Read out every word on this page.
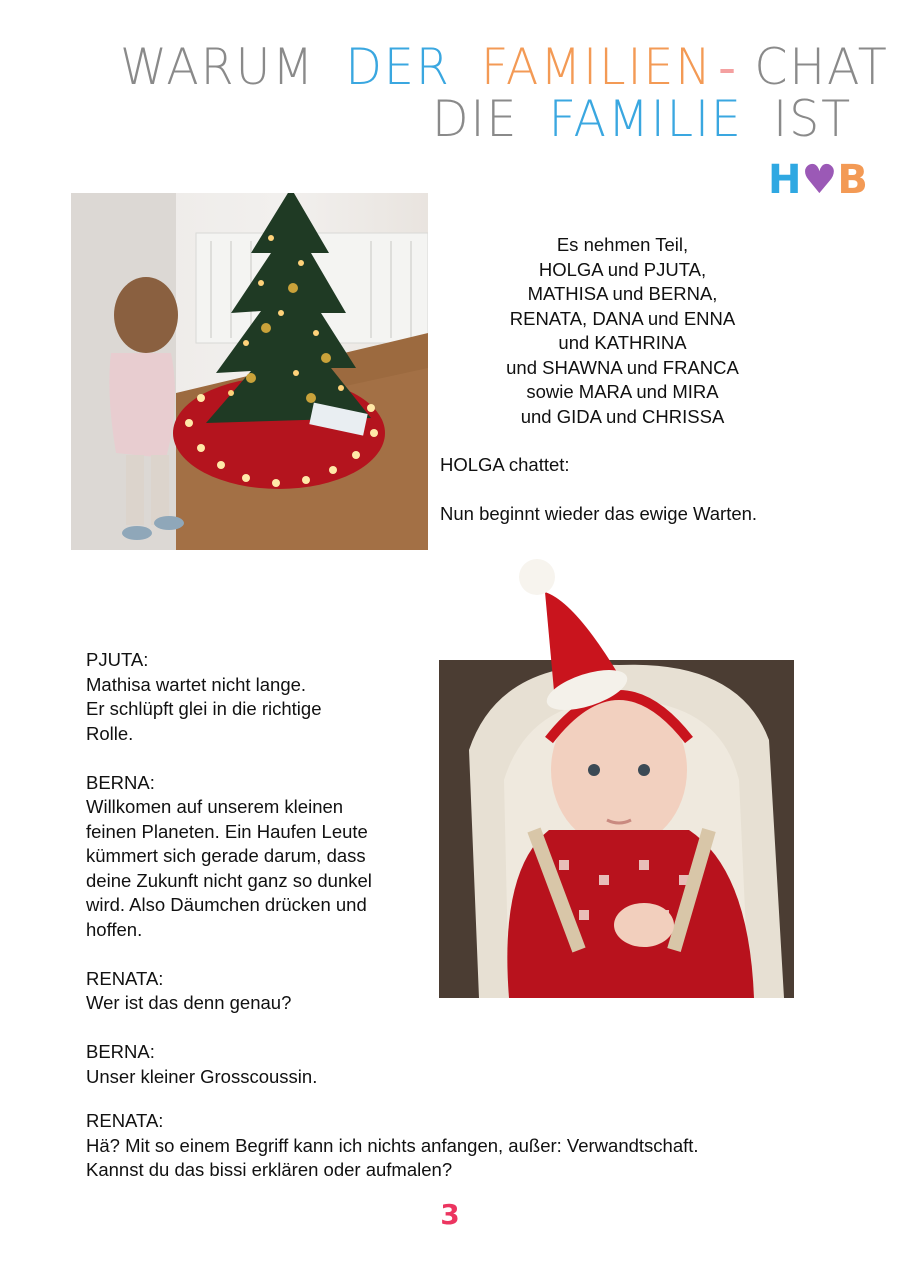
WARUM DER FAMILIEN CHAT
DIE FAMILIE IST
H♥B
Es nehmen Teil,
HOLGA und PJUTA,
MATHISA und BERNA,
RENATA, DANA und ENNA
und KATHRINA
und SHAWNA und FRANCA
sowie MARA und MIRA
und GIDA und CHRISSA

HOLGA chattet:

Nun beginnt wieder das ewige Warten.

PJUTA:
Mathisa wartet nicht lange.
Er schlüpft glei in die richtige
Rolle.

BERNA:
Willkomen auf unserem kleinen
feinen Planeten. Ein Haufen Leute
kümmert sich gerade darum, dass
deine Zukunft nicht ganz so dunkel
wird. Also Däumchen drücken und
hoffen.

RENATA:
Wer ist das denn genau?

BERNA:
Unser kleiner Grosscoussin.

RENATA:
Hä? Mit so einem Begriff kann ich nichts anfangen, außer: Verwandtschaft.
Kannst du das bissi erklären oder aufmalen?

3
